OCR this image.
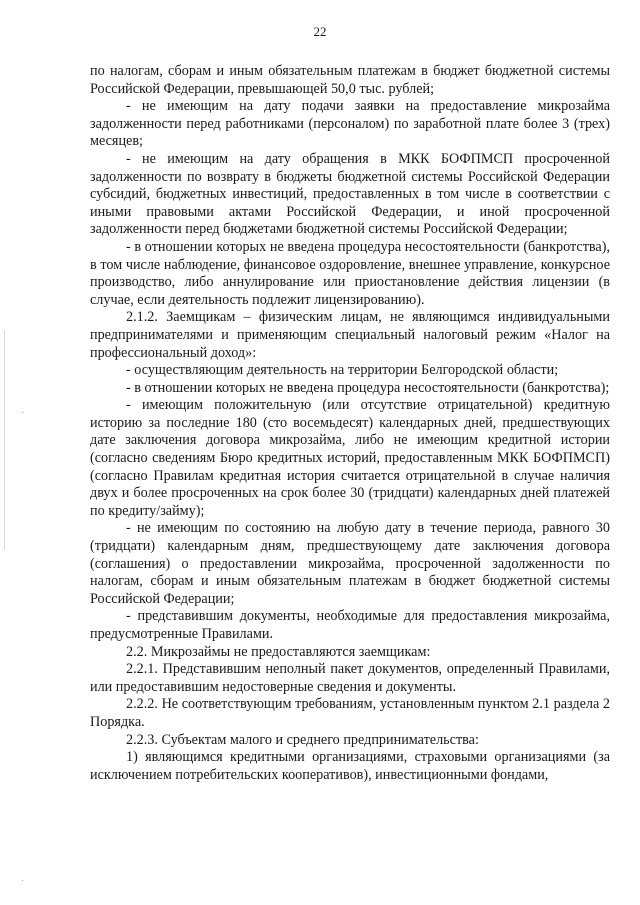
22

по налогам, сборам и иным обязательным платежам в бюджет бюджетной системы Российской Федерации, превышающей 50,0 тыс. рублей;

- не имеющим на дату подачи заявки на предоставление микрозайма задолженности перед работниками (персоналом) по заработной плате более 3 (трех) месяцев;

- не имеющим на дату обращения в МКК БОФПМСП просроченной задолженности по возврату в бюджеты бюджетной системы Российской Федерации субсидий, бюджетных инвестиций, предоставленных в том числе в соответствии с иными правовыми актами Российской Федерации, и иной просроченной задолженности перед бюджетами бюджетной системы Российской Федерации;

- в отношении которых не введена процедура несостоятельности (банкротства), в том числе наблюдение, финансовое оздоровление, внешнее управление, конкурсное производство, либо аннулирование или приостановление действия лицензии (в случае, если деятельность подлежит лицензированию).

2.1.2. Заемщикам – физическим лицам, не являющимся индивидуальными предпринимателями и применяющим специальный налоговый режим «Налог на профессиональный доход»:

- осуществляющим деятельность на территории Белгородской области;

- в отношении которых не введена процедура несостоятельности (банкротства);

- имеющим положительную (или отсутствие отрицательной) кредитную историю за последние 180 (сто восемьдесят) календарных дней, предшествующих дате заключения договора микрозайма, либо не имеющим кредитной истории (согласно сведениям Бюро кредитных историй, предоставленным МКК БОФПМСП) (согласно Правилам кредитная история считается отрицательной в случае наличия двух и более просроченных на срок более 30 (тридцати) календарных дней платежей по кредиту/займу);

- не имеющим по состоянию на любую дату в течение периода, равного 30 (тридцати) календарным дням, предшествующему дате заключения договора (соглашения) о предоставлении микрозайма, просроченной задолженности по налогам, сборам и иным обязательным платежам в бюджет бюджетной системы Российской Федерации;

- представившим документы, необходимые для предоставления микрозайма, предусмотренные Правилами.

2.2. Микрозаймы не предоставляются заемщикам:

2.2.1. Представившим неполный пакет документов, определенный Правилами, или предоставившим недостоверные сведения и документы.

2.2.2. Не соответствующим требованиям, установленным пунктом 2.1 раздела 2 Порядка.

2.2.3. Субъектам малого и среднего предпринимательства:

1) являющимся кредитными организациями, страховыми организациями (за исключением потребительских кооперативов), инвестиционными фондами,
